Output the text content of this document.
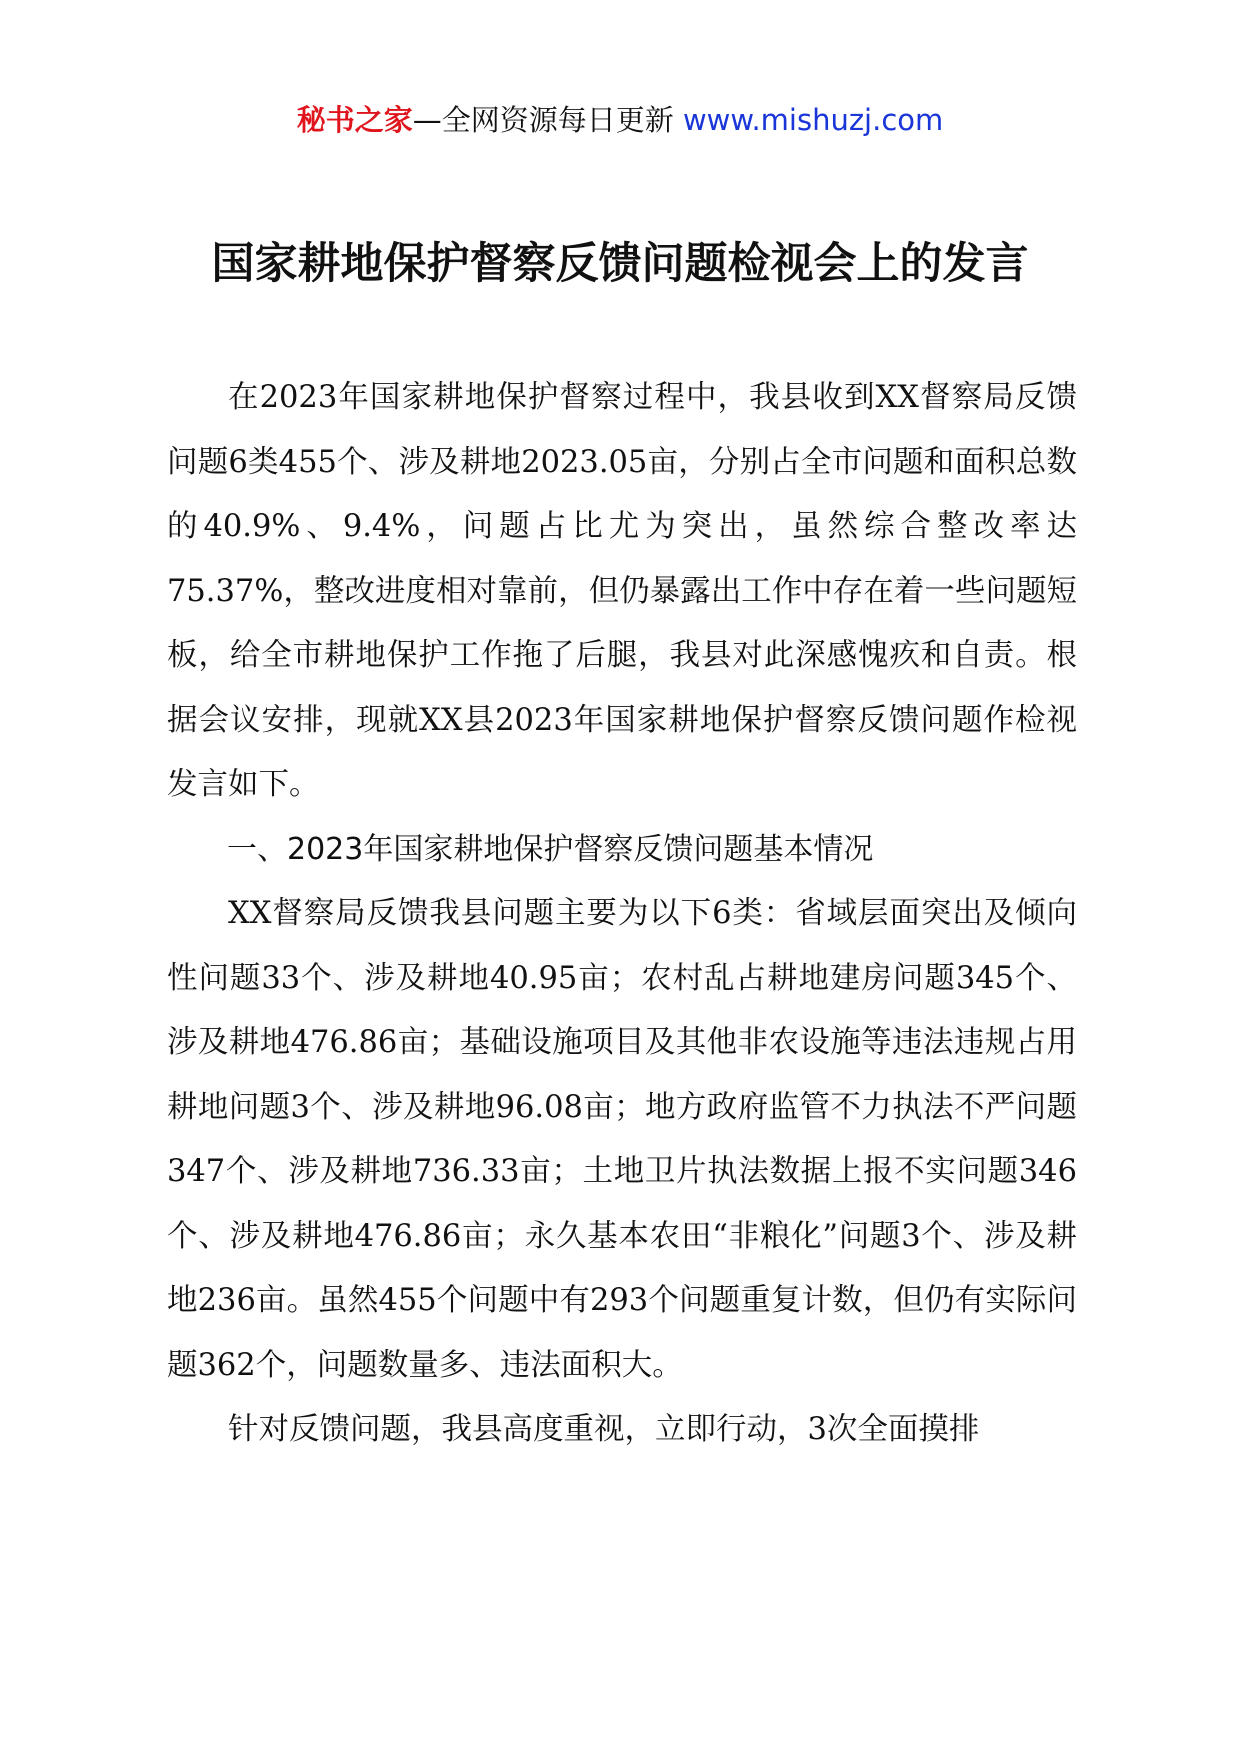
秘书之家—全网资源每日更新 www.mishuzj.com
国家耕地保护督察反馈问题检视会上的发言

在2023年国家耕地保护督察过程中，我县收到XX督察局反馈问题6类455个、涉及耕地2023.05亩，分别占全市问题和面积总数的40.9%、9.4%，问题占比尤为突出，虽然综合整改率达75.37%，整改进度相对靠前，但仍暴露出工作中存在着一些问题短板，给全市耕地保护工作拖了后腿，我县对此深感愧疚和自责。根据会议安排，现就XX县2023年国家耕地保护督察反馈问题作检视发言如下。

一、2023年国家耕地保护督察反馈问题基本情况

XX督察局反馈我县问题主要为以下6类：省域层面突出及倾向性问题33个、涉及耕地40.95亩；农村乱占耕地建房问题345个、涉及耕地476.86亩；基础设施项目及其他非农设施等违法违规占用耕地问题3个、涉及耕地96.08亩；地方政府监管不力执法不严问题347个、涉及耕地736.33亩；土地卫片执法数据上报不实问题346个、涉及耕地476.86亩；永久基本农田“非粮化”问题3个、涉及耕地236亩。虽然455个问题中有293个问题重复计数，但仍有实际问题362个，问题数量多、违法面积大。

针对反馈问题，我县高度重视，立即行动，3次全面摸排
